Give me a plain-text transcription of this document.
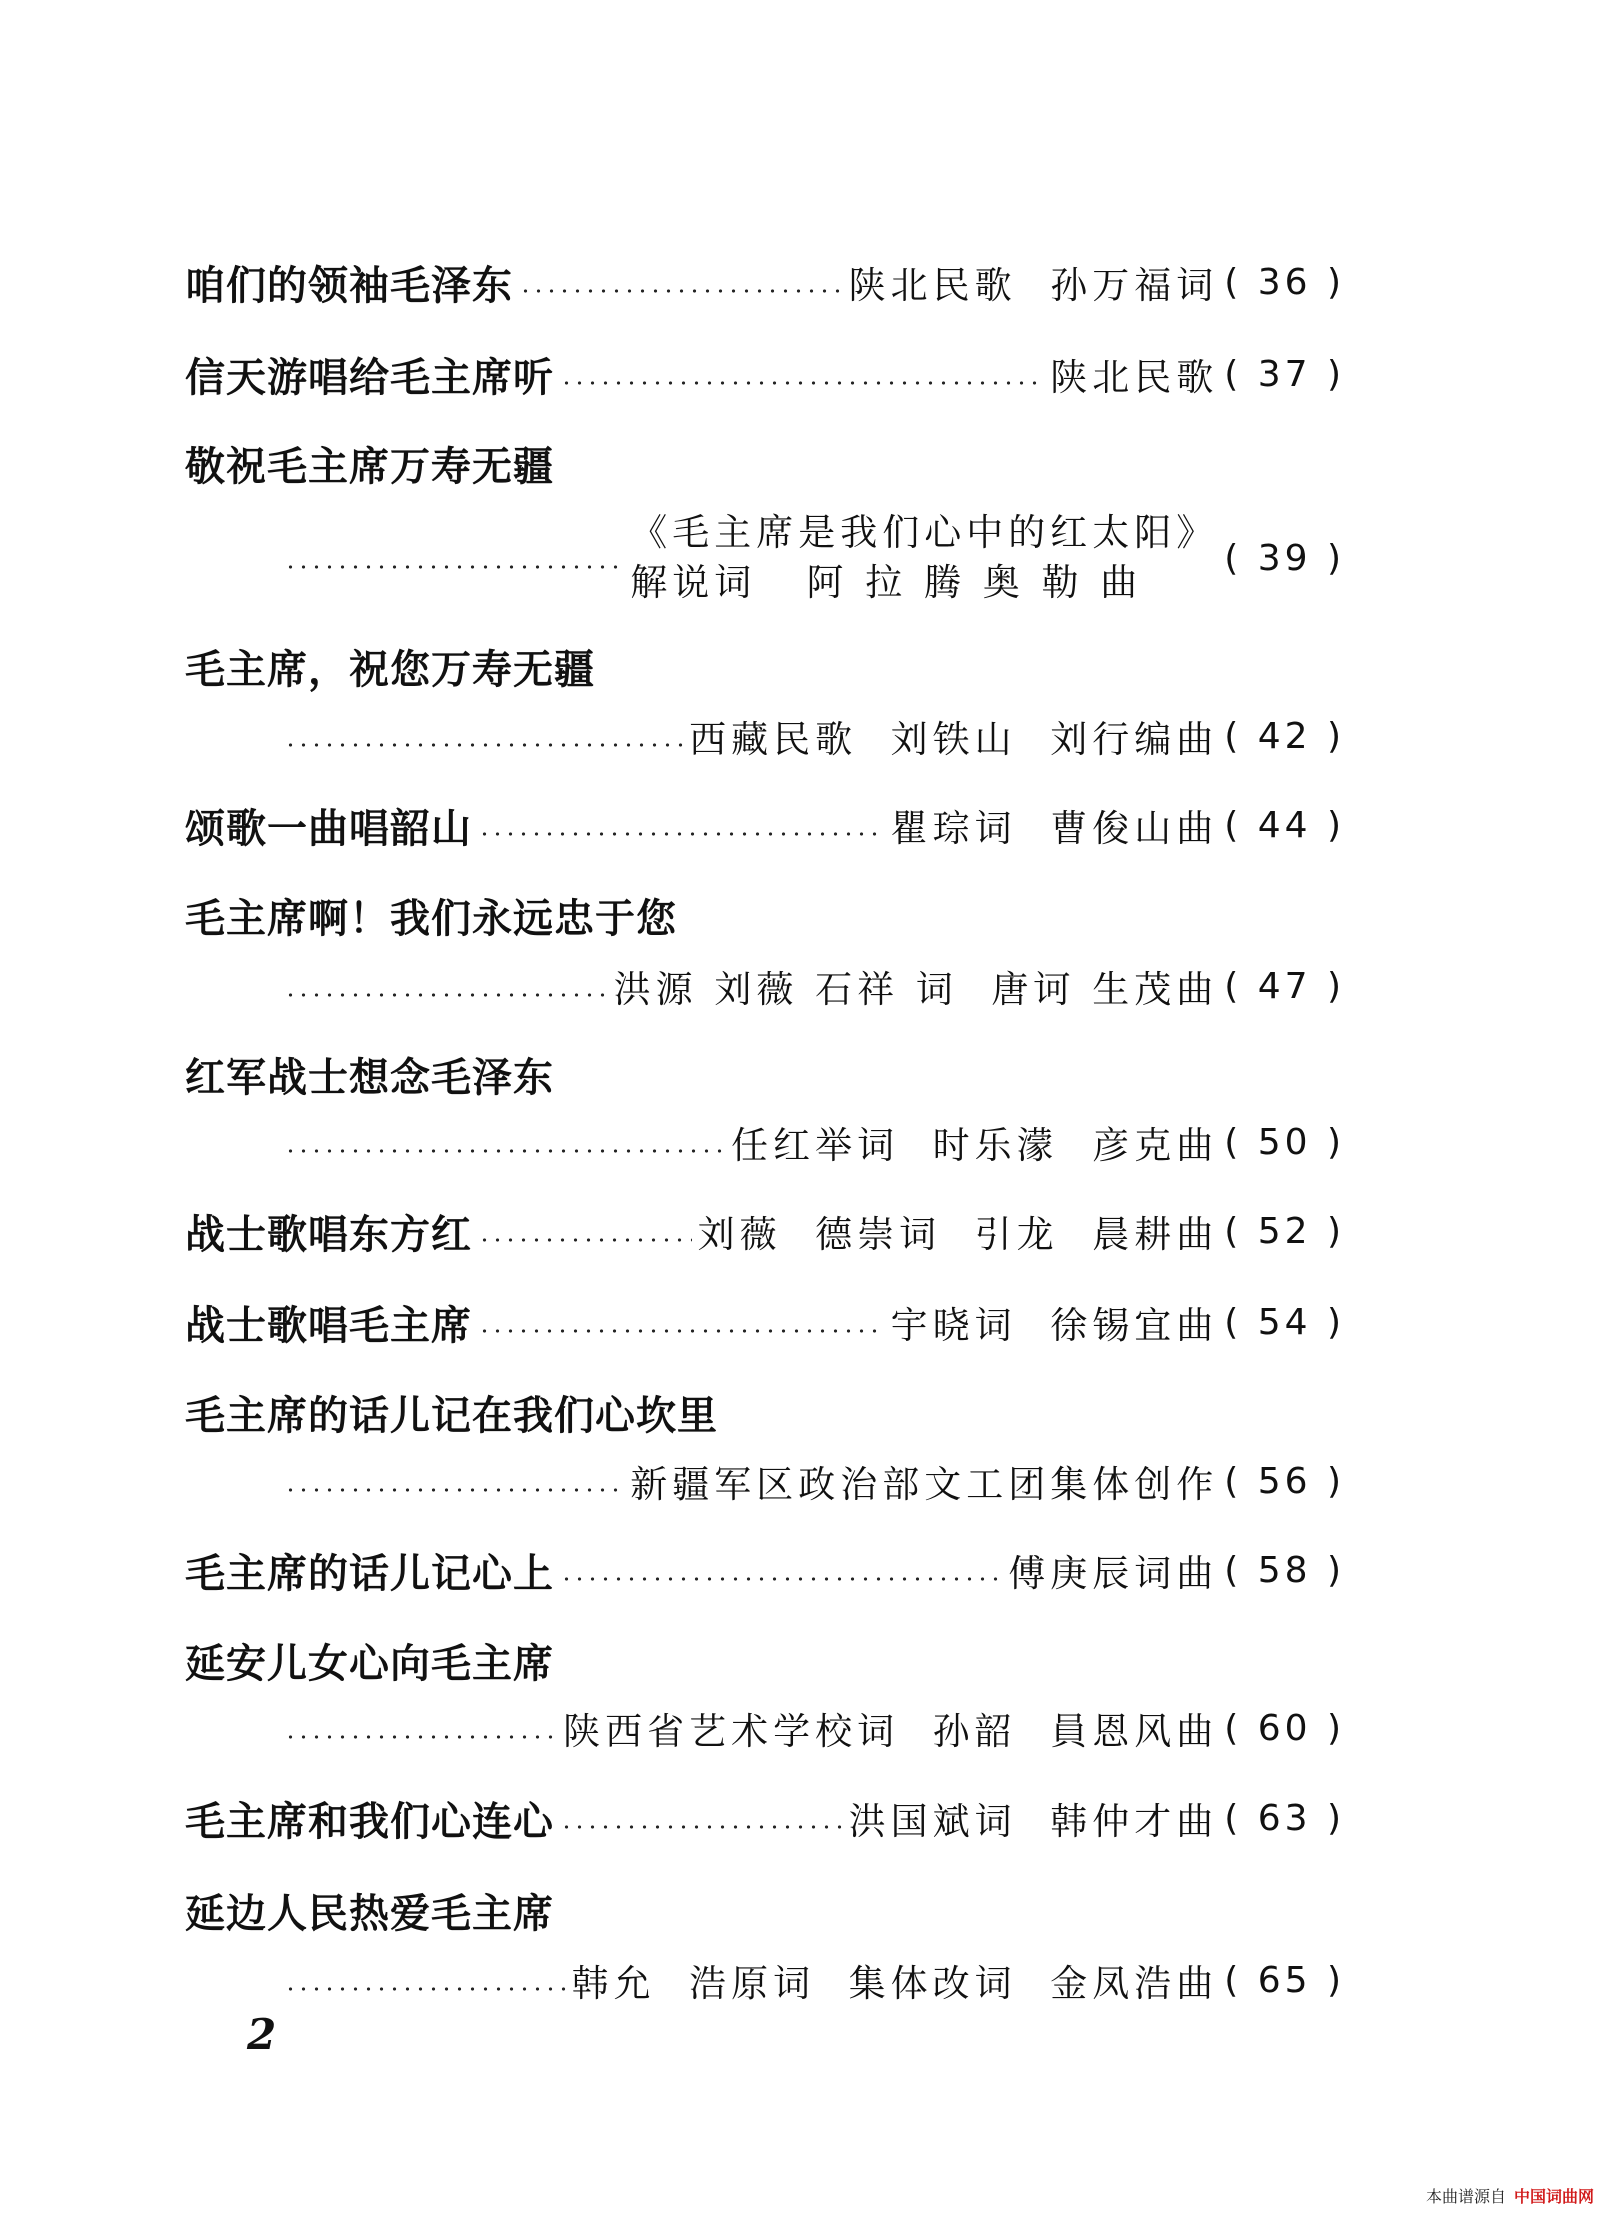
咱们的领袖毛泽东	陕北民歌  孙万福词 ( 36 )
信天游唱给毛主席听	陕北民歌 ( 37 )
敬祝毛主席万寿无疆
《毛主席是我们心中的红太阳》
解说词   阿 拉 腾 奥 勒 曲
( 39 )
毛主席，祝您万寿无疆
西藏民歌  刘铁山  刘行编曲 ( 42 )
颂歌一曲唱韶山	瞿琮词  曹俊山曲 ( 44 )
毛主席啊！我们永远忠于您
洪源 刘薇 石祥 词  唐诃 生茂曲 ( 47 )
红军战士想念毛泽东
任红举词  时乐濛  彦克曲 ( 50 )
战士歌唱东方红	刘薇  德崇词  引龙  晨耕曲 ( 52 )
战士歌唱毛主席	宇晓词  徐锡宜曲 ( 54 )
毛主席的话儿记在我们心坎里
新疆军区政治部文工团集体创作 ( 56 )
毛主席的话儿记心上	傅庚辰词曲 ( 58 )
延安儿女心向毛主席
陕西省艺术学校词  孙韶  員恩风曲 ( 60 )
毛主席和我们心连心	洪国斌词  韩仲才曲 ( 63 )
延边人民热爱毛主席
韩允  浩原词  集体改词  金凤浩曲 ( 65 )
2
本曲谱源自 中国词曲网
